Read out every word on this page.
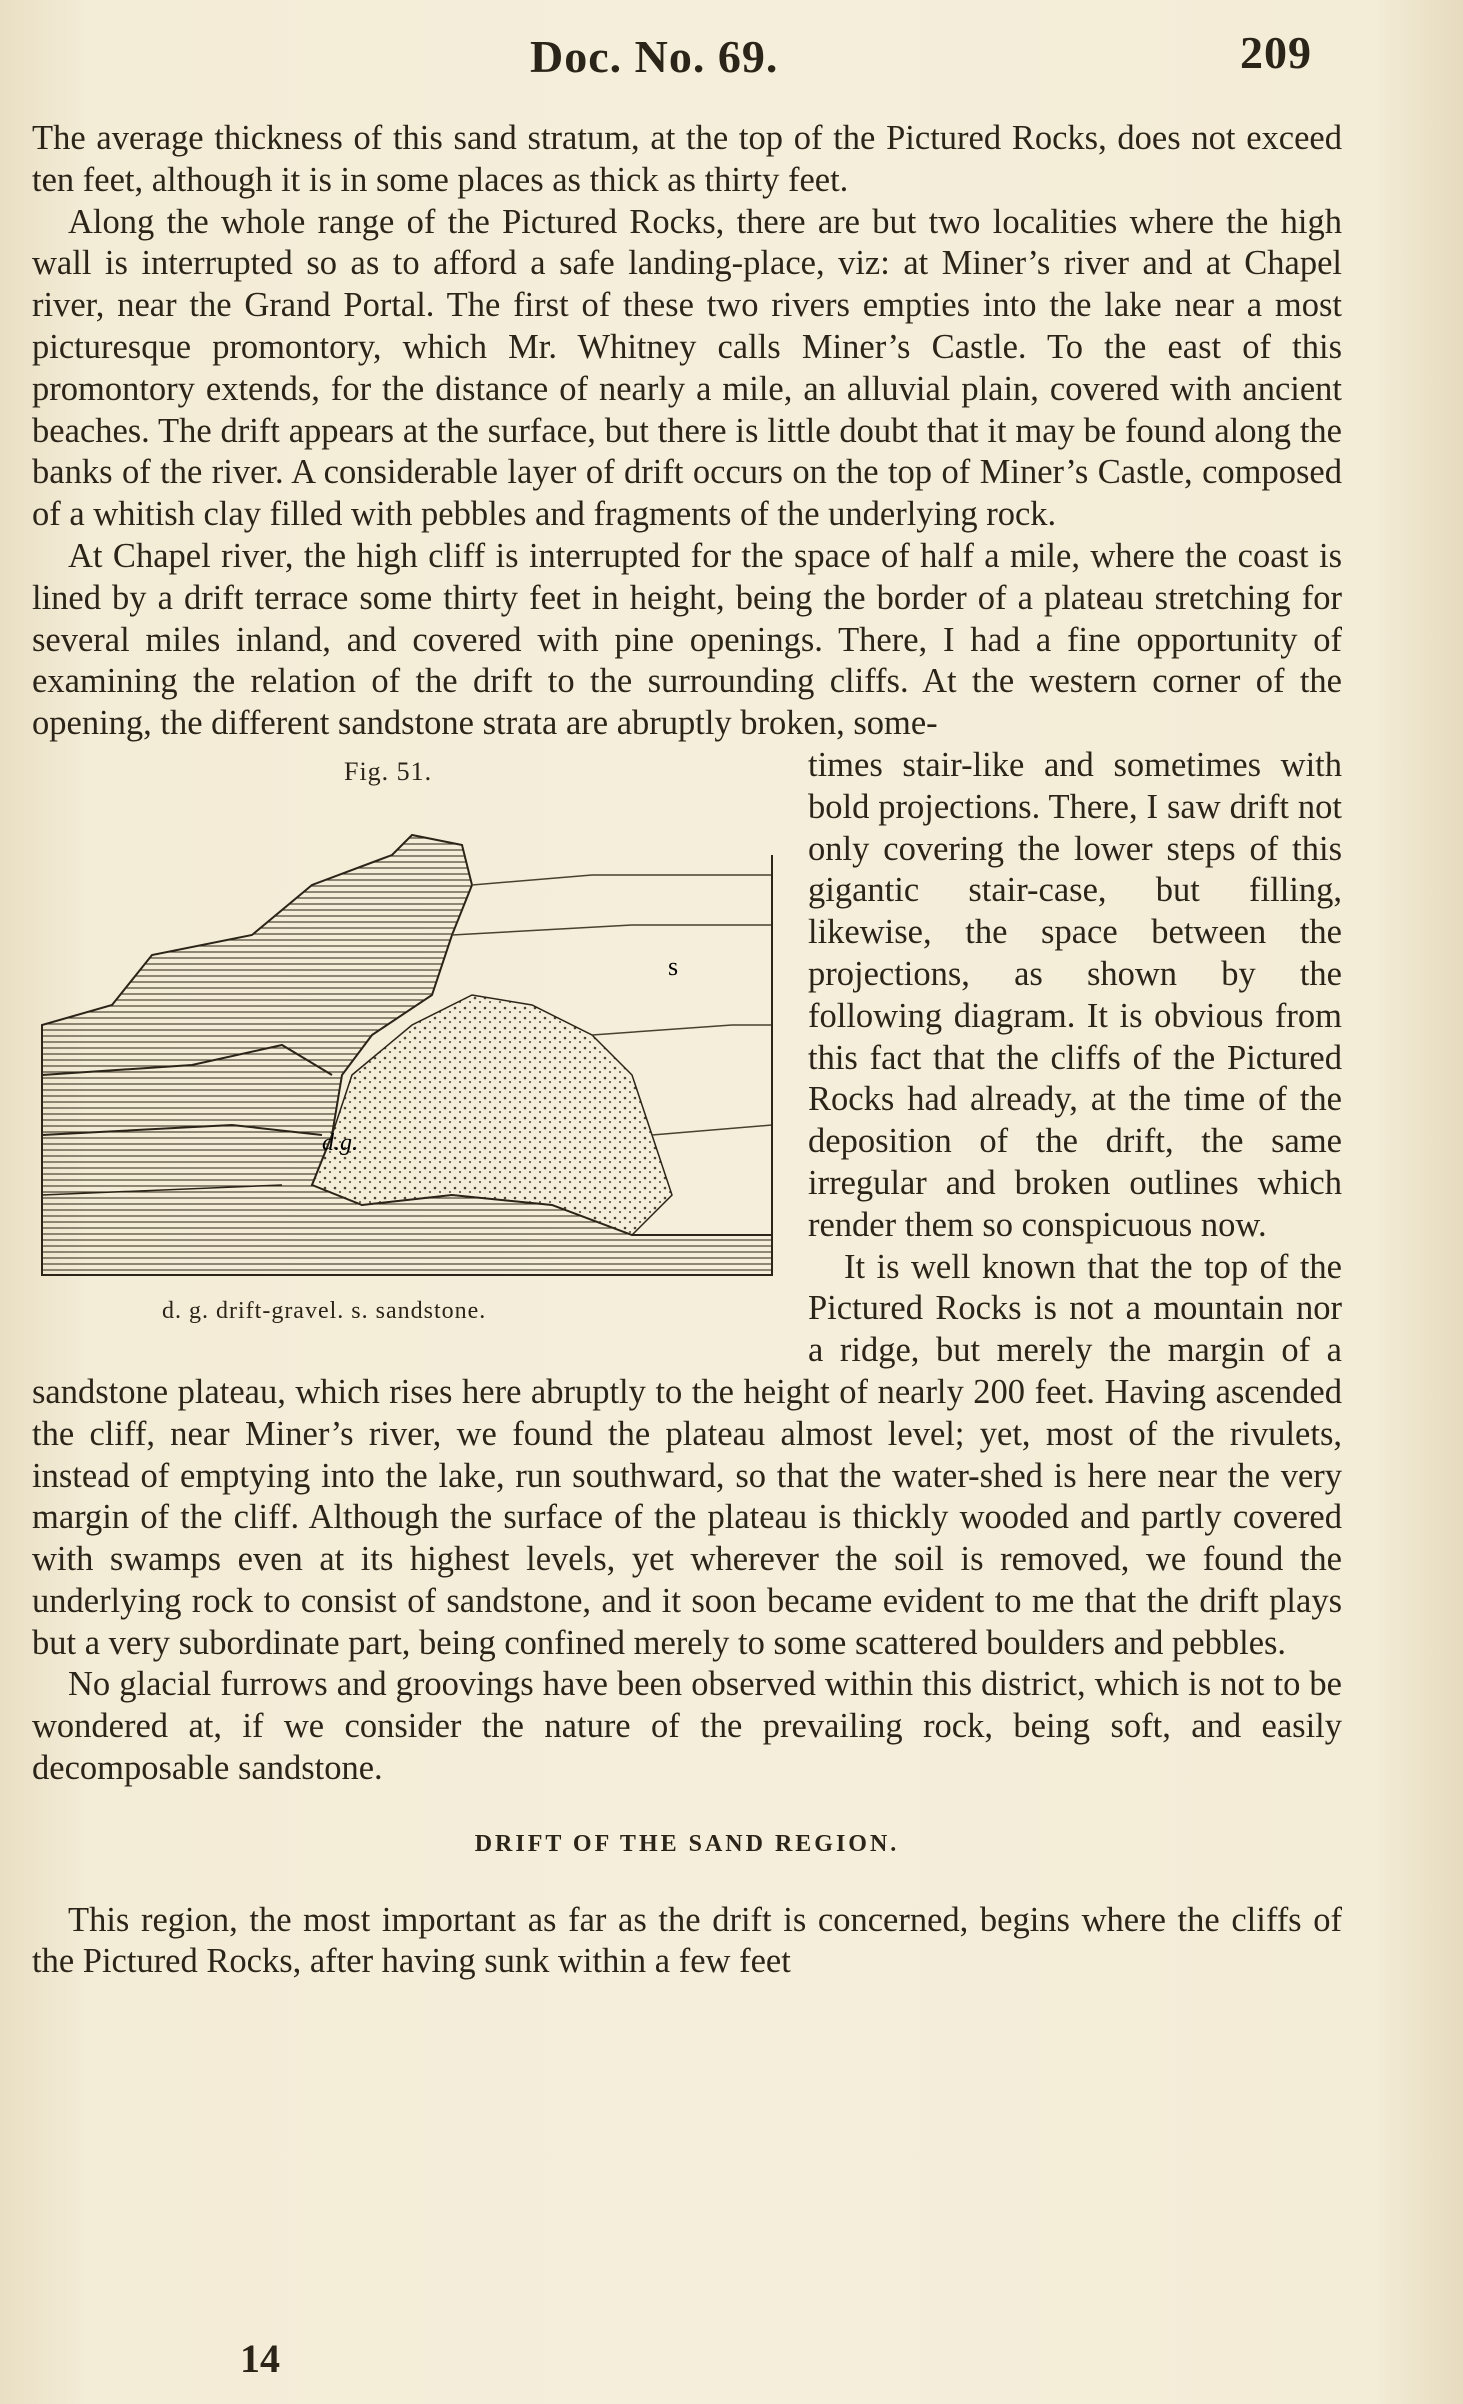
Doc. No. 69.	209

The average thickness of this sand stratum, at the top of the Pictured Rocks, does not exceed ten feet, although it is in some places as thick as thirty feet.

Along the whole range of the Pictured Rocks, there are but two localities where the high wall is interrupted so as to afford a safe landing-place, viz: at Miner’s river and at Chapel river, near the Grand Portal. The first of these two rivers empties into the lake near a most picturesque promontory, which Mr. Whitney calls Miner’s Castle. To the east of this promontory extends, for the distance of nearly a mile, an alluvial plain, covered with ancient beaches. The drift appears at the surface, but there is little doubt that it may be found along the banks of the river. A considerable layer of drift occurs on the top of Miner’s Castle, composed of a whitish clay filled with pebbles and fragments of the underlying rock.

At Chapel river, the high cliff is interrupted for the space of half a mile, where the coast is lined by a drift terrace some thirty feet in height, being the border of a plateau stretching for several miles inland, and covered with pine openings. There, I had a fine opportunity of examining the relation of the drift to the surrounding cliffs. At the western corner of the opening, the different sandstone strata are abruptly broken, some-

Fig. 51.
s
d.g.
d. g. drift-gravel. s. sandstone.

times stair-like and sometimes with bold projections. There, I saw drift not only covering the lower steps of this gigantic stair-case, but filling, likewise, the space between the projections, as shown by the following diagram. It is obvious from this fact that the cliffs of the Pictured Rocks had already, at the time of the deposition of the drift, the same irregular and broken outlines which render them so conspicuous now.

It is well known that the top of the Pictured Rocks is not a mountain nor a ridge, but merely the margin of a sandstone plateau, which rises here abruptly to the height of nearly 200 feet. Having ascended the cliff, near Miner’s river, we found the plateau almost level; yet, most of the rivulets, instead of emptying into the lake, run southward, so that the water-shed is here near the very margin of the cliff. Although the surface of the plateau is thickly wooded and partly covered with swamps even at its highest levels, yet wherever the soil is removed, we found the underlying rock to consist of sandstone, and it soon became evident to me that the drift plays but a very subordinate part, being confined merely to some scattered boulders and pebbles.

No glacial furrows and groovings have been observed within this district, which is not to be wondered at, if we consider the nature of the prevailing rock, being soft, and easily decomposable sandstone.

DRIFT OF THE SAND REGION.

This region, the most important as far as the drift is concerned, begins where the cliffs of the Pictured Rocks, after having sunk within a few feet

14
